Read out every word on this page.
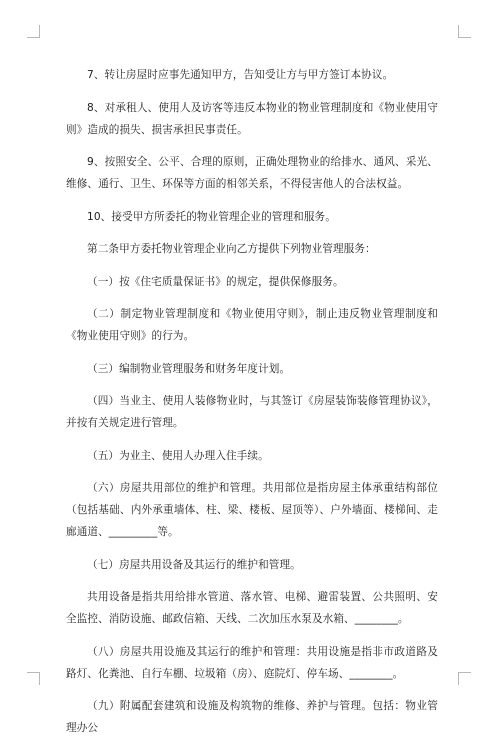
7、转让房屋时应事先通知甲方，告知受让方与甲方签订本协议。

8、对承租人、使用人及访客等违反本物业的物业管理制度和《物业使用守则》造成的损失、损害承担民事责任。

9、按照安全、公平、合理的原则，正确处理物业的给排水、通风、采光、维修、通行、卫生、环保等方面的相邻关系，不得侵害他人的合法权益。

10、接受甲方所委托的物业管理企业的管理和服务。

第二条甲方委托物业管理企业向乙方提供下列物业管理服务：

（一）按《住宅质量保证书》的规定，提供保修服务。

（二）制定物业管理制度和《物业使用守则》，制止违反物业管理制度和《物业使用守则》的行为。

（三）编制物业管理服务和财务年度计划。

（四）当业主、使用人装修物业时，与其签订《房屋装饰装修管理协议》，并按有关规定进行管理。

（五）为业主、使用人办理入住手续。

（六）房屋共用部位的维护和管理。共用部位是指房屋主体承重结构部位（包括基础、内外承重墙体、柱、梁、楼板、屋顶等）、户外墙面、楼梯间、走廊通道、_________等。

（七）房屋共用设备及其运行的维护和管理。

共用设备是指共用给排水管道、落水管、电梯、避雷装置、公共照明、安全监控、消防设施、邮政信箱、天线、二次加压水泵及水箱、________。

（八）房屋共用设施及其运行的维护和管理：共用设施是指非市政道路及路灯、化粪池、自行车棚、垃圾箱（房）、庭院灯、停车场、________。

（九）附属配套建筑和设施及构筑物的维修、养护与管理。包括：物业管理办公
